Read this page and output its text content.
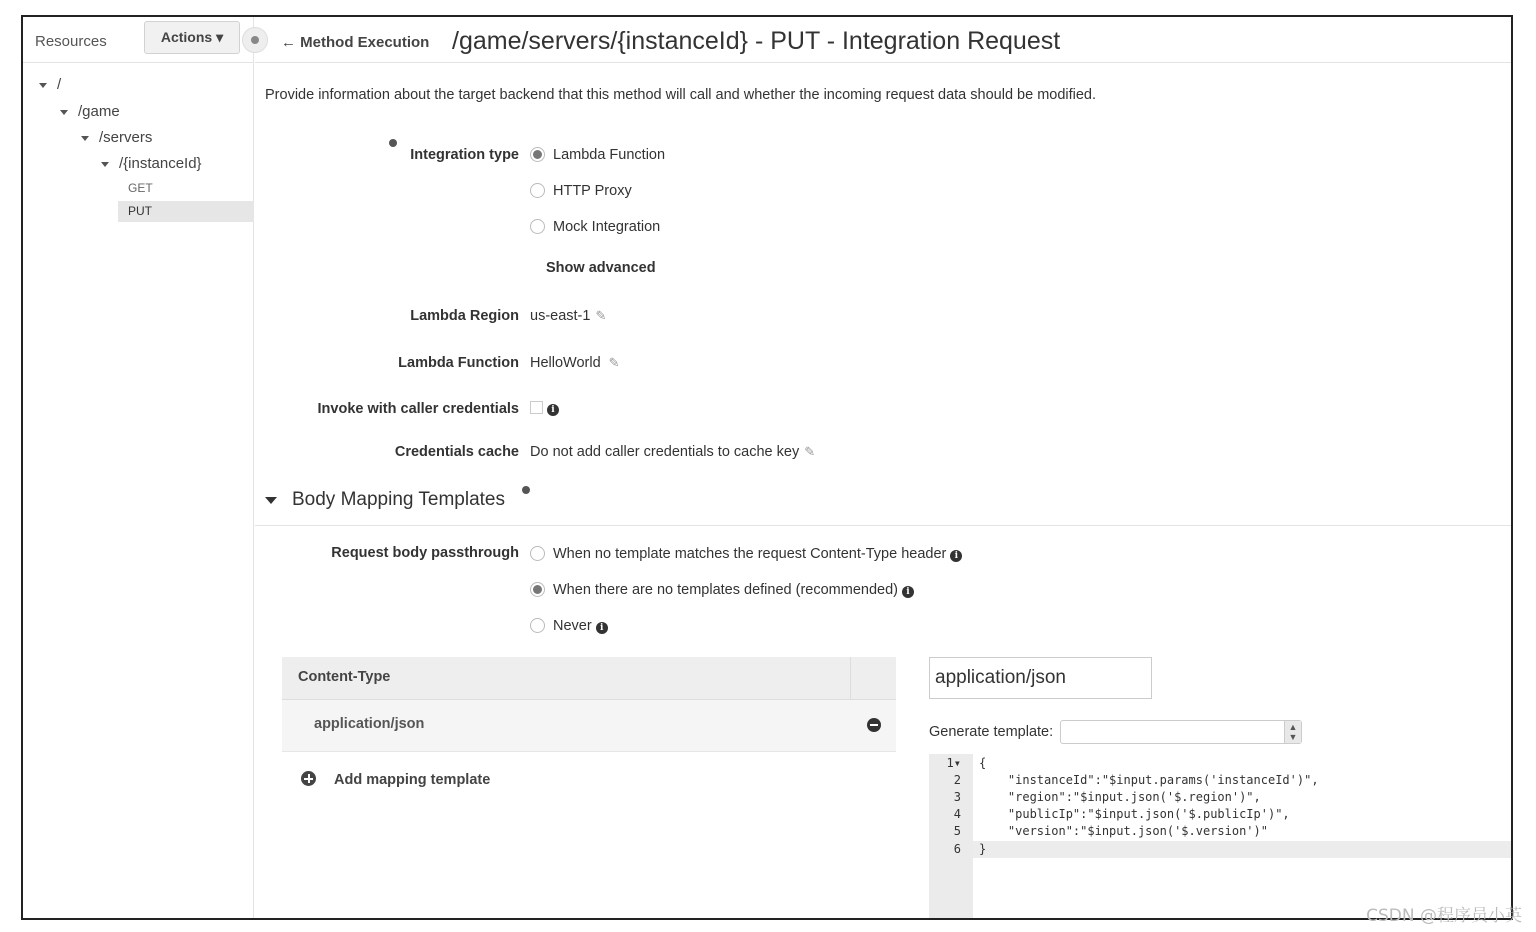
Resources	Actions ▾
/
/game
/servers
/{instanceId}
GET
PUT
← Method Execution /game/servers/{instanceId} - PUT - Integration Request
Provide information about the target backend that this method will call and whether the incoming request data should be modified.
Integration type	Lambda Function
HTTP Proxy
Mock Integration
Show advanced
Lambda Region us-east-1 ✎
Lambda Function HelloWorld ✎
Invoke with caller credentials	i
Credentials cache Do not add caller credentials to cache key ✎
Body Mapping Templates
Request body passthrough	When no template matches the request Content-Type header i
When there are no templates defined (recommended) i
Never i
Content-Type
application/json
Add mapping template
application/json
Generate template:	▲
▼
1▾
2
3
4
5
6
{
"instanceId":"$input.params('instanceId')",
"region":"$input.json('$.region')",
"publicIp":"$input.json('$.publicIp')",
"version":"$input.json('$.version')"
}
CSDN @程序员小英
